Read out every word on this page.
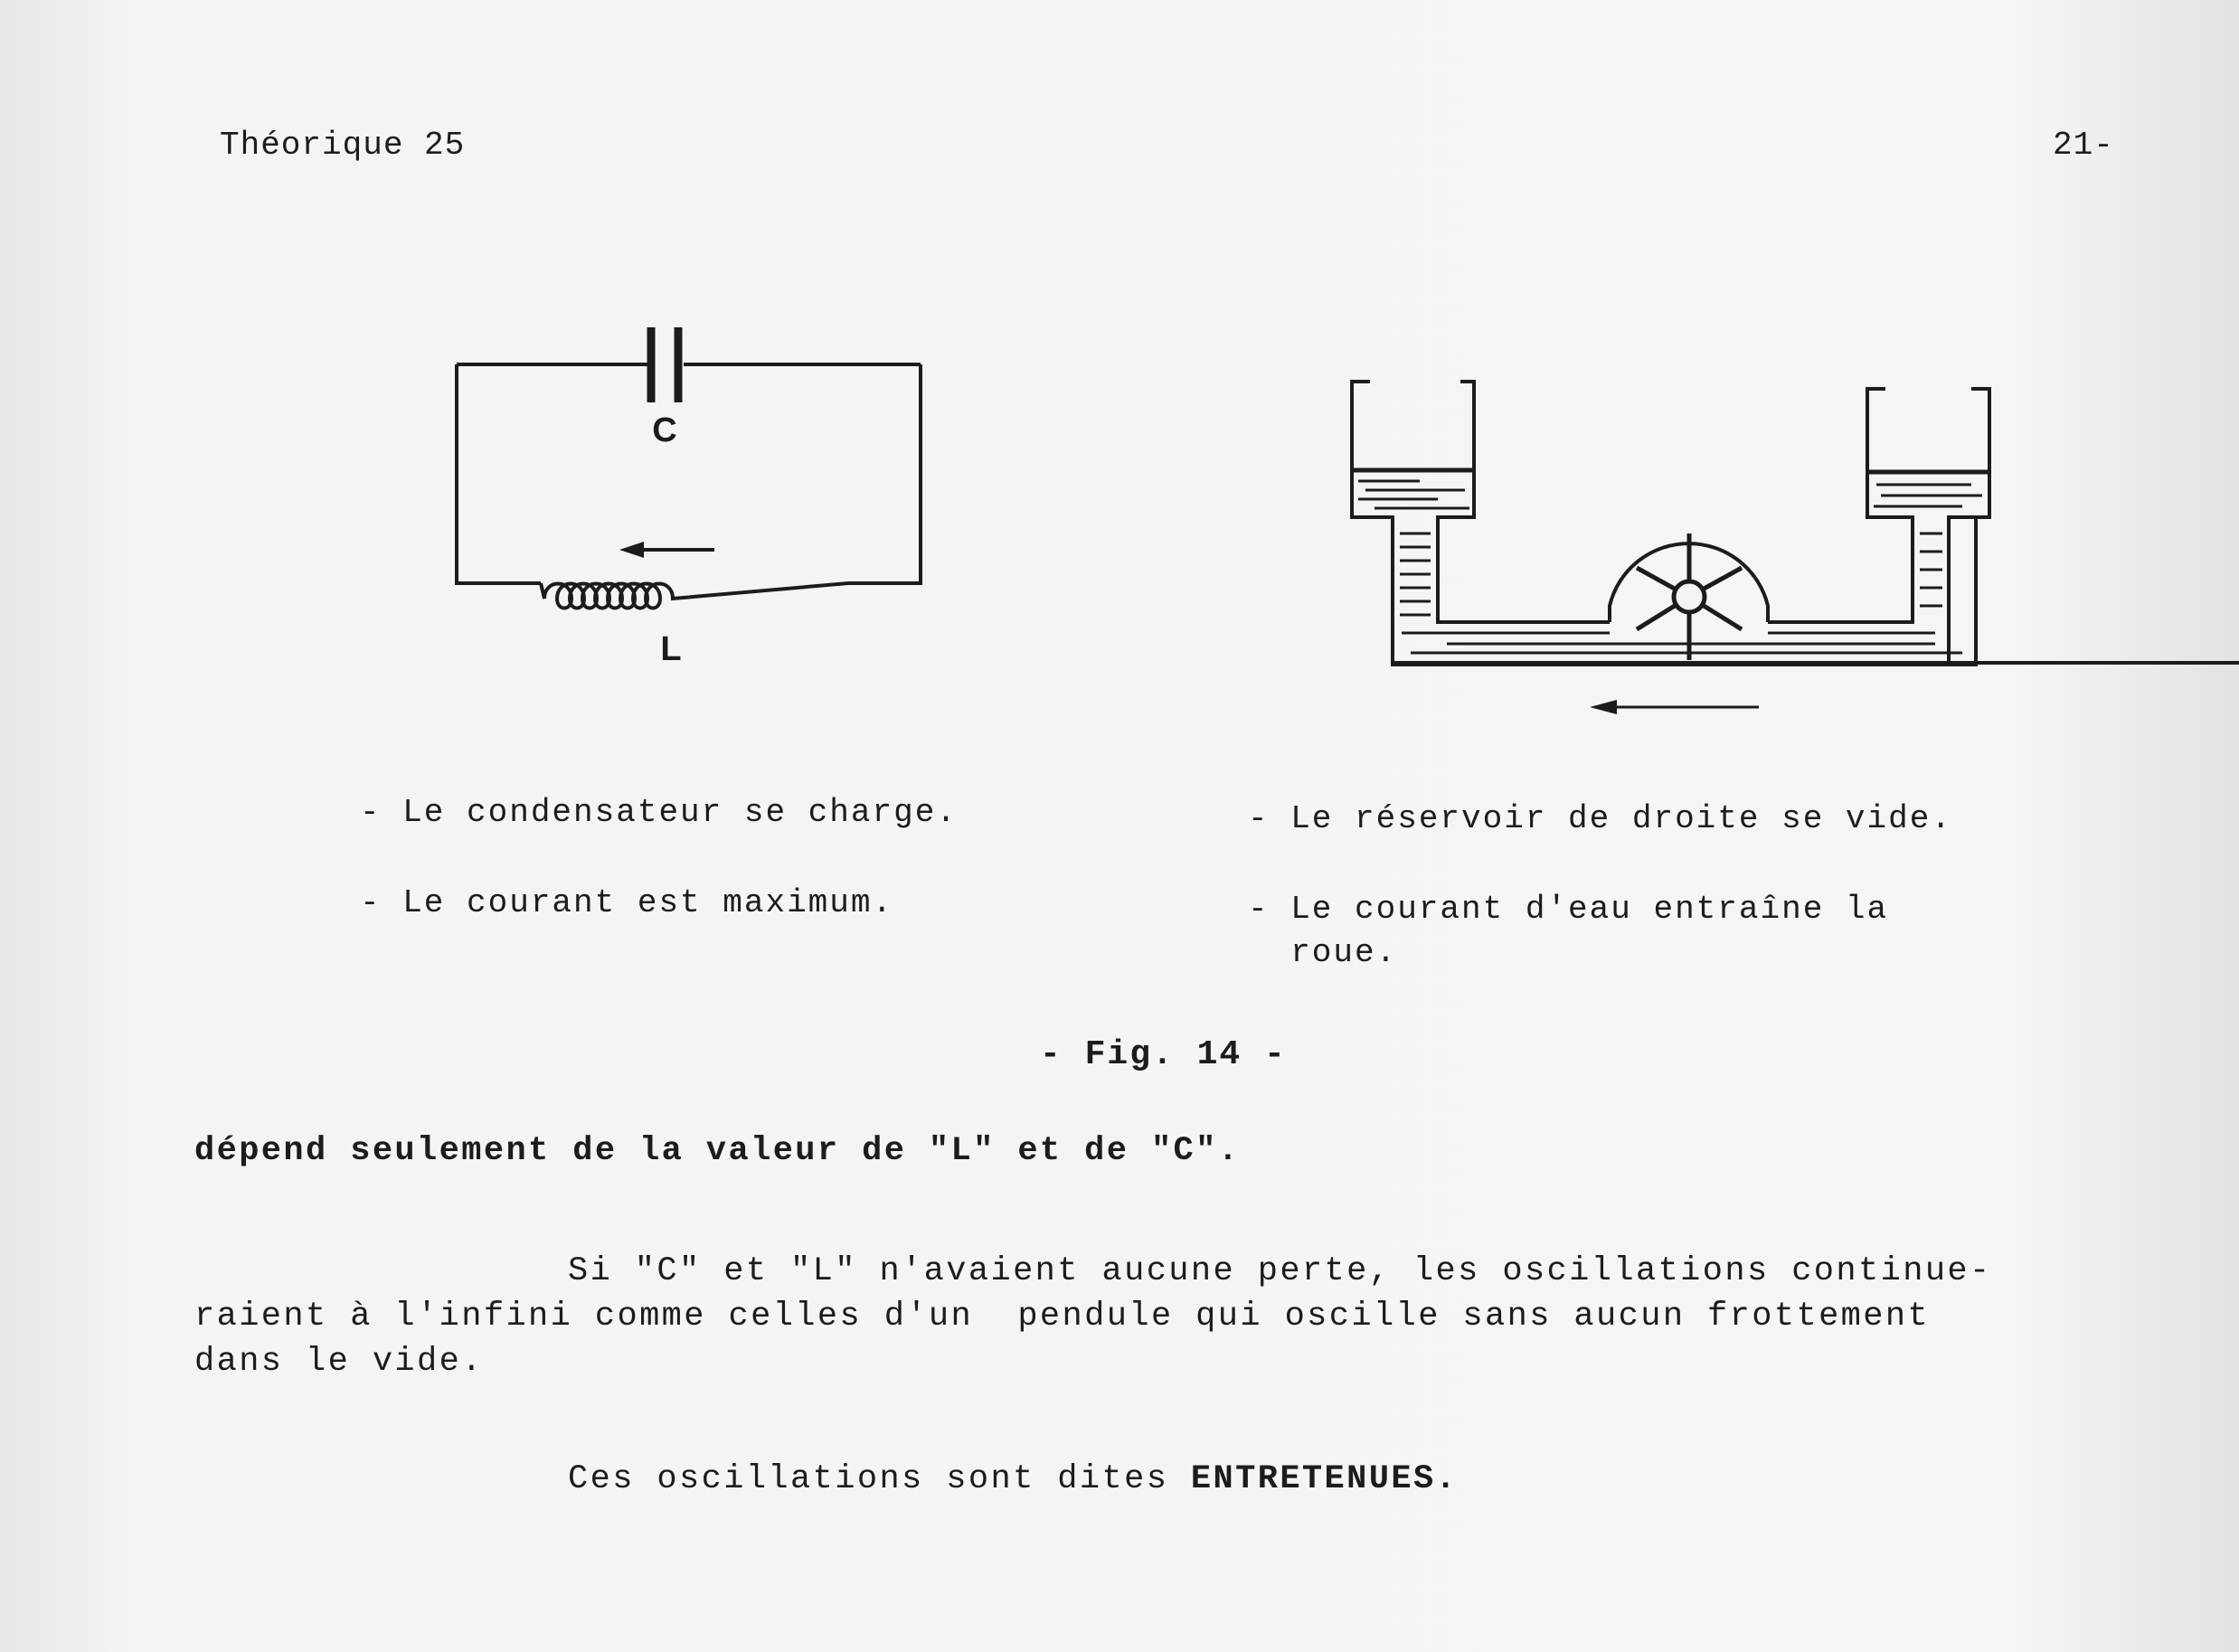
Théorique 25	21-
C
L
- Le condensateur se charge.
- Le courant est maximum.
- Le réservoir de droite se vide.
- Le courant d'eau entraîne la
roue.
- Fig. 14 -
dépend seulement de la valeur de "L" et de "C".
Si "C" et "L" n'avaient aucune perte, les oscillations continue-
raient à l'infini comme celles d'un  pendule qui oscille sans aucun frottement
dans le vide.
Ces oscillations sont dites ENTRETENUES.
